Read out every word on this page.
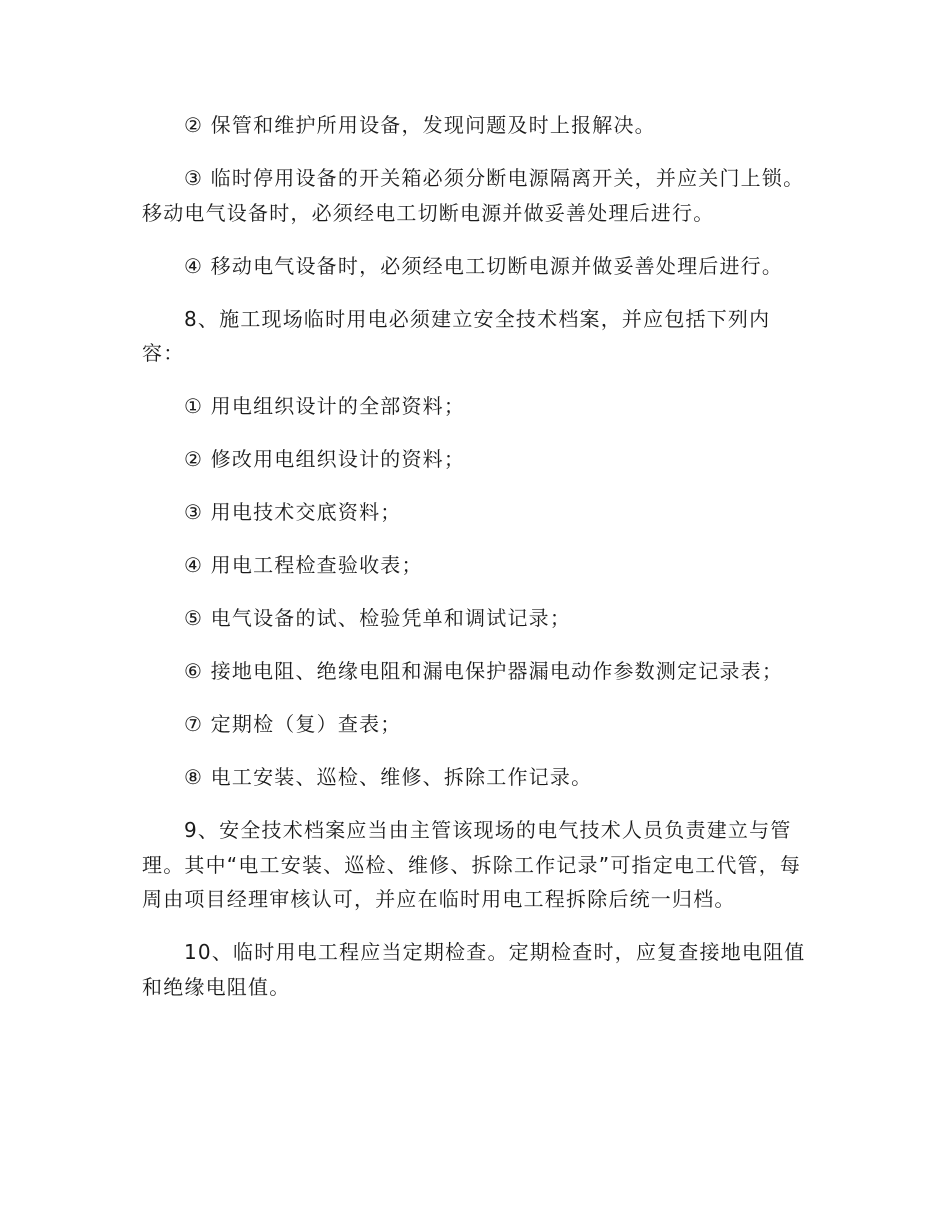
② 保管和维护所用设备，发现问题及时上报解决。

③ 临时停用设备的开关箱必须分断电源隔离开关，并应关门上锁。移动电气设备时，必须经电工切断电源并做妥善处理后进行。

④ 移动电气设备时，必须经电工切断电源并做妥善处理后进行。

8、施工现场临时用电必须建立安全技术档案，并应包括下列内容：

① 用电组织设计的全部资料；

② 修改用电组织设计的资料；

③ 用电技术交底资料；

④ 用电工程检查验收表；

⑤ 电气设备的试、检验凭单和调试记录；

⑥ 接地电阻、绝缘电阻和漏电保护器漏电动作参数测定记录表；

⑦ 定期检（复）查表；

⑧ 电工安装、巡检、维修、拆除工作记录。

9、安全技术档案应当由主管该现场的电气技术人员负责建立与管理。其中“电工安装、巡检、维修、拆除工作记录”可指定电工代管，每周由项目经理审核认可，并应在临时用电工程拆除后统一归档。

10、临时用电工程应当定期检查。定期检查时，应复查接地电阻值和绝缘电阻值。
